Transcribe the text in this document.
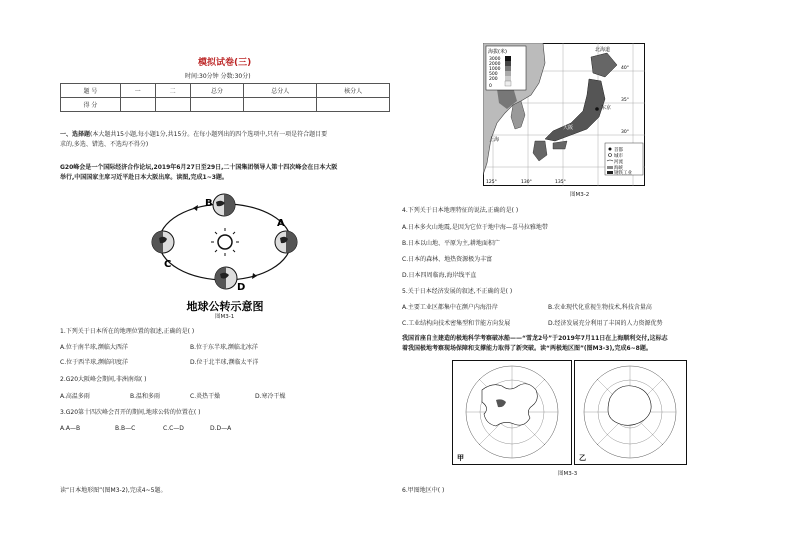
模拟试卷(三)
时间:30分钟 分数:30分)
题 号	一	二	总分	总分人	核分人
得 分					
一、选择题(本大题共15小题,每小题1分,共15分。在每小题列出的四个选项中,只有一项是符合题目要
求的,多选、错选、不选均不得分)
G20峰会是一个国际经济合作论坛,2019年6月27日至29日,二十国集团领导人第十四次峰会在日本大阪
举行,中国国家主席习近平赴日本大阪出席。读图,完成1~3题。
B
A
C
D
地球公转示意图
图M3-1
1.下列关于日本所在的地理位置的叙述,正确的是( )
A.位于南半球,濒临大西洋	B.位于东半球,濒临北冰洋
C.位于西半球,濒临印度洋	D.位于北半球,濒临太平洋
2.G20大阪峰会期间,非洲南端( )
A.高温多雨	B.温和多雨	C.炎热干燥	D.寒冷干燥
3.G20第十四次峰会召开的期间,地球公转的位置在( )
A.A—B	B.B—C	C.C—D	D.D—A
读“日本地形图”(图M3-2),完成4~5题。
海拔(米)
3000
2000
1000
500
200
0
东京
大阪
上海
北海道
40°
35°
30°
125°	130°	135°
首都
城市
河流
海峡
钢铁工业
图M3-2
4.下列关于日本地理特征的说法,正确的是( )
A.日本多火山地震,是因为它位于地中海—喜马拉雅地带
B.日本以山地、平原为主,耕地面积广
C.日本的森林、地热资源极为丰富
D.日本四周临海,海岸线平直
5.关于日本经济发展的叙述,不正确的是( )
A.主要工业区都集中在濒户内海沿岸	B.农业现代化重视生物技术,科技含量高
C.工业结构向技术密集型和节能方向发展	D.经济发展充分利用了丰国的人力资源优势
我国首座自主建造的极地科学考察破冰船——“雪龙2号”于2019年7月11日在上海顺利交付,这标志
着我国极地考察现场保障和支撑能力取得了新突破。读“两极地区图”(图M3-3),完成6~8题。
甲	乙
图M3-3
6.甲图地区中( )
